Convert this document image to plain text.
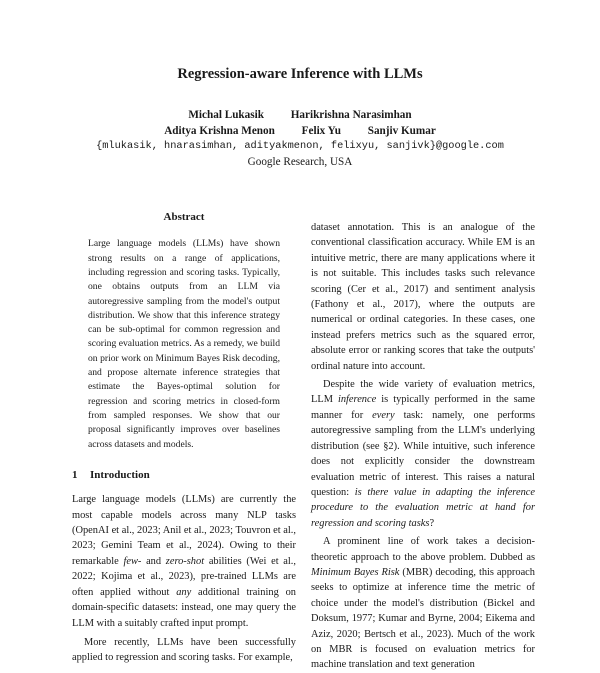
Regression-aware Inference with LLMs
Michal Lukasik Harikrishna Narasimhan
Aditya Krishna Menon Felix Yu Sanjiv Kumar
{mlukasik, hnarasimhan, adityakmenon, felixyu, sanjivk}@google.com
Google Research, USA
Abstract

Large language models (LLMs) have shown strong results on a range of applications, including regression and scoring tasks. Typically, one obtains outputs from an LLM via autoregressive sampling from the model's output distribution. We show that this inference strategy can be sub-optimal for common regression and scoring evaluation metrics. As a remedy, we build on prior work on Minimum Bayes Risk decoding, and propose alternate inference strategies that estimate the Bayes-optimal solution for regression and scoring metrics in closed-form from sampled responses. We show that our proposal significantly improves over baselines across datasets and models.

1 Introduction

Large language models (LLMs) are currently the most capable models across many NLP tasks (OpenAI et al., 2023; Anil et al., 2023; Touvron et al., 2023; Gemini Team et al., 2024). Owing to their remarkable few- and zero-shot abilities (Wei et al., 2022; Kojima et al., 2023), pre-trained LLMs are often applied without any additional training on domain-specific datasets: instead, one may query the LLM with a suitably crafted input prompt.

More recently, LLMs have been successfully applied to regression and scoring tasks. For example,

dataset annotation. This is an analogue of the conventional classification accuracy. While EM is an intuitive metric, there are many applications where it is not suitable. This includes tasks such relevance scoring (Cer et al., 2017) and sentiment analysis (Fathony et al., 2017), where the outputs are numerical or ordinal categories. In these cases, one instead prefers metrics such as the squared error, absolute error or ranking scores that take the outputs' ordinal nature into account.

Despite the wide variety of evaluation metrics, LLM inference is typically performed in the same manner for every task: namely, one performs autoregressive sampling from the LLM's underlying distribution (see §2). While intuitive, such inference does not explicitly consider the downstream evaluation metric of interest. This raises a natural question: is there value in adapting the inference procedure to the evaluation metric at hand for regression and scoring tasks?

A prominent line of work takes a decision-theoretic approach to the above problem. Dubbed as Minimum Bayes Risk (MBR) decoding, this approach seeks to optimize at inference time the metric of choice under the model's distribution (Bickel and Doksum, 1977; Kumar and Byrne, 2004; Eikema and Aziz, 2020; Bertsch et al., 2023). Much of the work on MBR is focused on evaluation metrics for machine translation and text generation
